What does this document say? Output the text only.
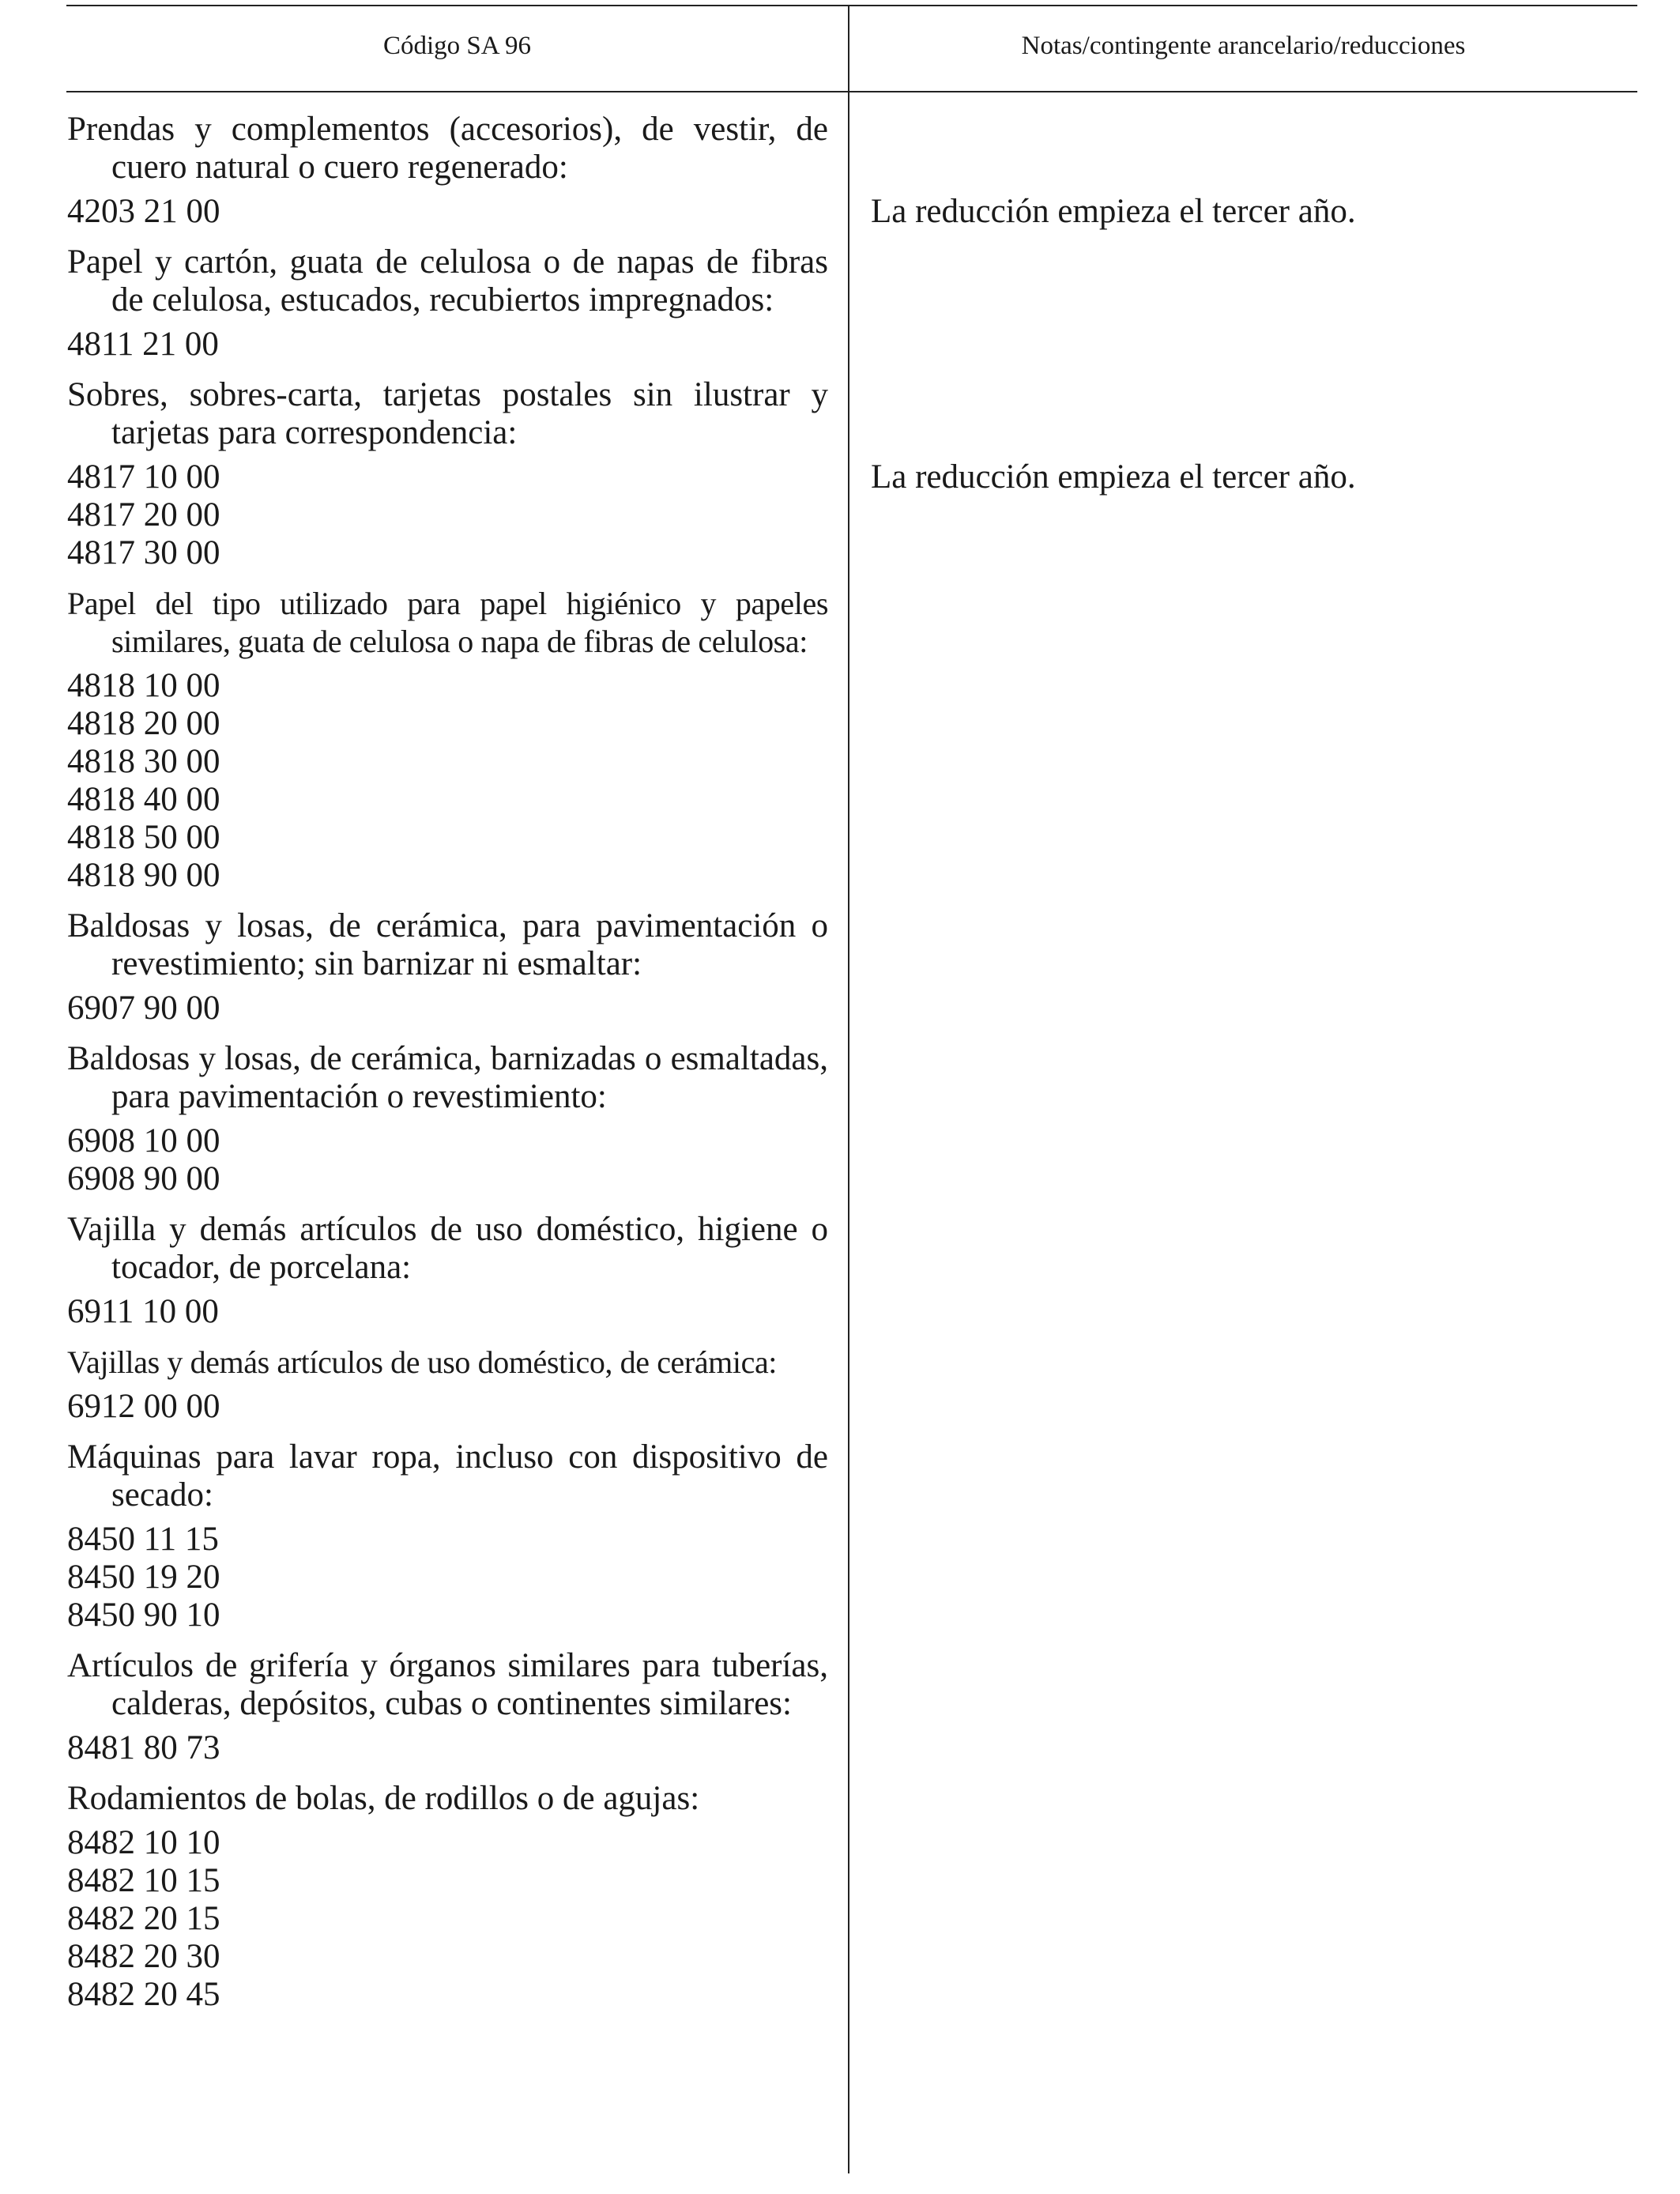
Código SA 96	Notas/contingente arancelario/reducciones
Prendas y complementos (accesorios), de vestir, de cuero natural o cuero regenerado:
4203 21 00
Papel y cartón, guata de celulosa o de napas de fibras de celulosa, estucados, recubiertos impregnados:
4811 21 00
Sobres, sobres-carta, tarjetas postales sin ilustrar y tarjetas para correspondencia:
4817 10 00
4817 20 00
4817 30 00
Papel del tipo utilizado para papel higiénico y papeles similares, guata de celulosa o napa de fibras de celulosa:
4818 10 00
4818 20 00
4818 30 00
4818 40 00
4818 50 00
4818 90 00
Baldosas y losas, de cerámica, para pavimentación o revestimiento; sin barnizar ni esmaltar:
6907 90 00
Baldosas y losas, de cerámica, barnizadas o esmaltadas, para pavimentación o revestimiento:
6908 10 00
6908 90 00
Vajilla y demás artículos de uso doméstico, higiene o tocador, de porcelana:
6911 10 00
Vajillas y demás artículos de uso doméstico, de cerámica:
6912 00 00
Máquinas para lavar ropa, incluso con dispositivo de secado:
8450 11 15
8450 19 20
8450 90 10
Artículos de grifería y órganos similares para tuberías, calderas, depósitos, cubas o continentes similares:
8481 80 73
Rodamientos de bolas, de rodillos o de agujas:
8482 10 10
8482 10 15
8482 20 15
8482 20 30
8482 20 45
La reducción empieza el tercer año.
La reducción empieza el tercer año.
